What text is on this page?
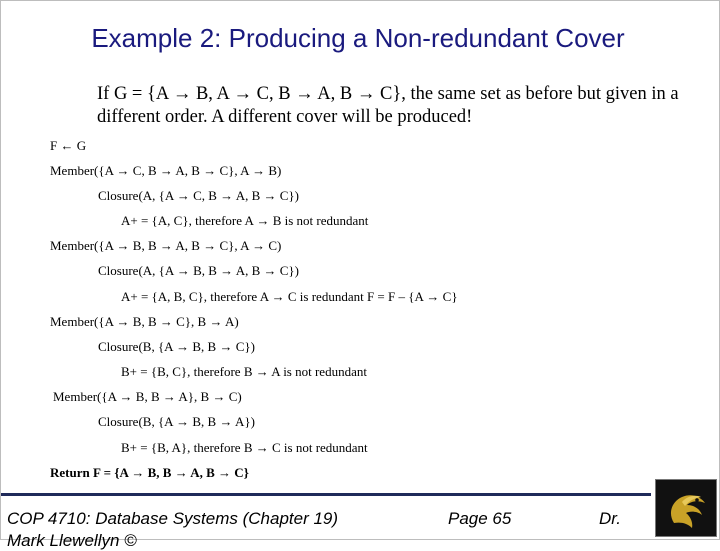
Example 2: Producing a Non-redundant Cover
If G = {A → B, A → C, B → A, B → C}, the same set as before but given in a different order. A different cover will be produced!
F ← G
Member({A → C, B → A, B → C}, A → B)
Closure(A, {A → C, B → A, B → C})
A+ = {A, C}, therefore A → B is not redundant
Member({A → B, B → A, B → C}, A → C)
Closure(A, {A → B, B → A, B → C})
A+ = {A, B, C}, therefore A → C is redundant F = F – {A → C}
Member({A → B, B → C}, B → A)
Closure(B, {A → B, B → C})
B+ = {B, C}, therefore B → A is not redundant
Member({A → B, B → A}, B → C)
Closure(B, {A → B, B → A})
B+ = {B, A}, therefore B → C is not redundant
Return F = {A → B, B → A, B → C}
COP 4710: Database Systems (Chapter 19)	Page 65	Dr.
Mark Llewellyn ©
